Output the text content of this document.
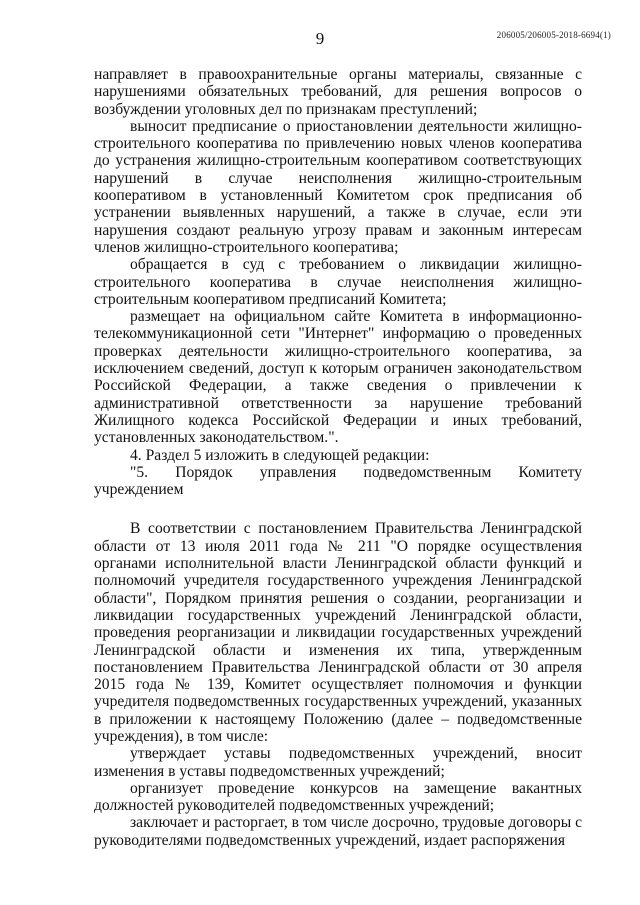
9	206005/206005-2018-6694(1)

направляет в правоохранительные органы материалы, связанные с нарушениями обязательных требований, для решения вопросов о возбуждении уголовных дел по признакам преступлений;

выносит предписание о приостановлении деятельности жилищно-строительного кооператива по привлечению новых членов кооператива до устранения жилищно-строительным кооперативом соответствующих нарушений в случае неисполнения жилищно-строительным кооперативом в установленный Комитетом срок предписания об устранении выявленных нарушений, а также в случае, если эти нарушения создают реальную угрозу правам и законным интересам членов жилищно-строительного кооператива;

обращается в суд с требованием о ликвидации жилищно-строительного кооператива в случае неисполнения жилищно-строительным кооперативом предписаний Комитета;

размещает на официальном сайте Комитета в информационно-телекоммуникационной сети "Интернет" информацию о проведенных проверках деятельности жилищно-строительного кооператива, за исключением сведений, доступ к которым ограничен законодательством Российской Федерации, а также сведения о привлечении к административной ответственности за нарушение требований Жилищного кодекса Российской Федерации и иных требований, установленных законодательством.".

4. Раздел 5 изложить в следующей редакции:

"5. Порядок управления подведомственным Комитету учреждением

В соответствии с постановлением Правительства Ленинградской области от 13 июля 2011 года № 211 "О порядке осуществления органами исполнительной власти Ленинградской области функций и полномочий учредителя государственного учреждения Ленинградской области", Порядком принятия решения о создании, реорганизации и ликвидации государственных учреждений Ленинградской области, проведения реорганизации и ликвидации государственных учреждений Ленинградской области и изменения их типа, утвержденным постановлением Правительства Ленинградской области от 30 апреля 2015 года № 139, Комитет осуществляет полномочия и функции учредителя подведомственных государственных учреждений, указанных в приложении к настоящему Положению (далее – подведомственные учреждения), в том числе:

утверждает уставы подведомственных учреждений, вносит изменения в уставы подведомственных учреждений;

организует проведение конкурсов на замещение вакантных должностей руководителей подведомственных учреждений;

заключает и расторгает, в том числе досрочно, трудовые договоры с руководителями подведомственных учреждений, издает распоряжения
